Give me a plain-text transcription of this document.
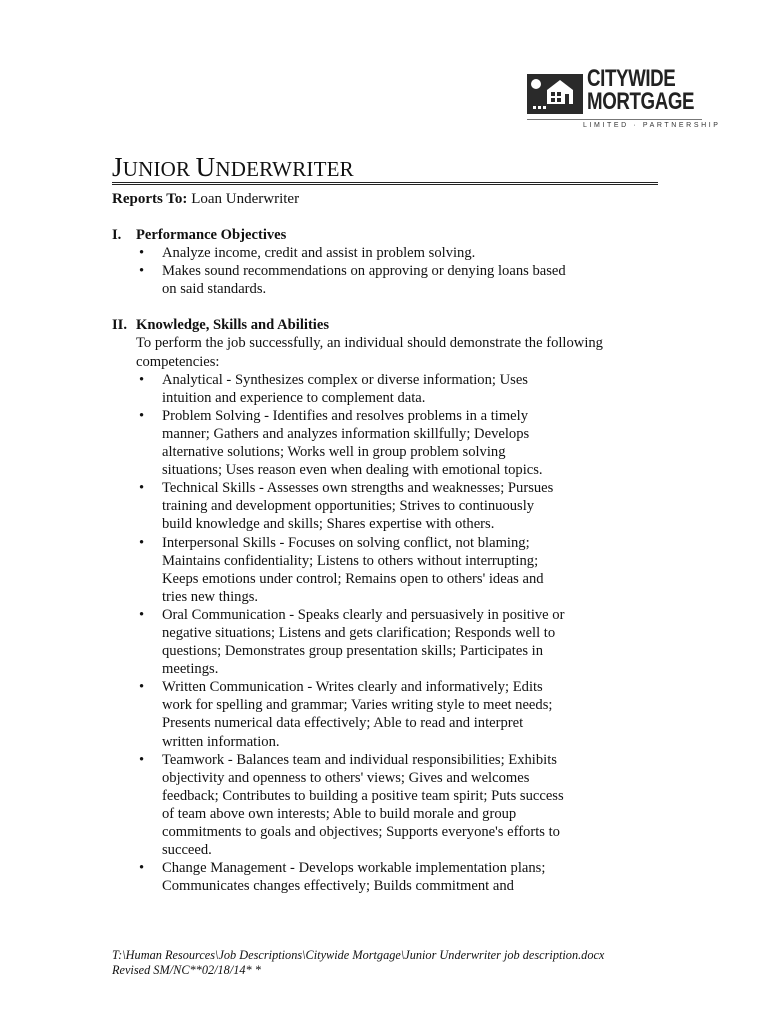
CITYWIDE
MORTGAGE
LIMITED · PARTNERSHIP
JUNIOR UNDERWRITER
Reports To: Loan Underwriter
I.	Performance Objectives
• Analyze income, credit and assist in problem solving.
• Makes sound recommendations on approving or denying loans based on said standards.
II. Knowledge, Skills and Abilities
To perform the job successfully, an individual should demonstrate the following competencies:
• Analytical - Synthesizes complex or diverse information; Uses intuition and experience to complement data.
• Problem Solving - Identifies and resolves problems in a timely manner; Gathers and analyzes information skillfully; Develops alternative solutions; Works well in group problem solving situations; Uses reason even when dealing with emotional topics.
• Technical Skills - Assesses own strengths and weaknesses; Pursues training and development opportunities; Strives to continuously build knowledge and skills; Shares expertise with others.
• Interpersonal Skills - Focuses on solving conflict, not blaming; Maintains confidentiality; Listens to others without interrupting; Keeps emotions under control; Remains open to others' ideas and tries new things.
• Oral Communication - Speaks clearly and persuasively in positive or negative situations; Listens and gets clarification; Responds well to questions; Demonstrates group presentation skills; Participates in meetings.
• Written Communication - Writes clearly and informatively; Edits work for spelling and grammar; Varies writing style to meet needs; Presents numerical data effectively; Able to read and interpret written information.
• Teamwork - Balances team and individual responsibilities; Exhibits objectivity and openness to others' views; Gives and welcomes feedback; Contributes to building a positive team spirit; Puts success of team above own interests; Able to build morale and group commitments to goals and objectives; Supports everyone's efforts to succeed.
• Change Management - Develops workable implementation plans; Communicates changes effectively; Builds commitment and
T:\Human Resources\Job Descriptions\Citywide Mortgage\Junior Underwriter job description.docx
Revised SM/NC**02/18/14* *
